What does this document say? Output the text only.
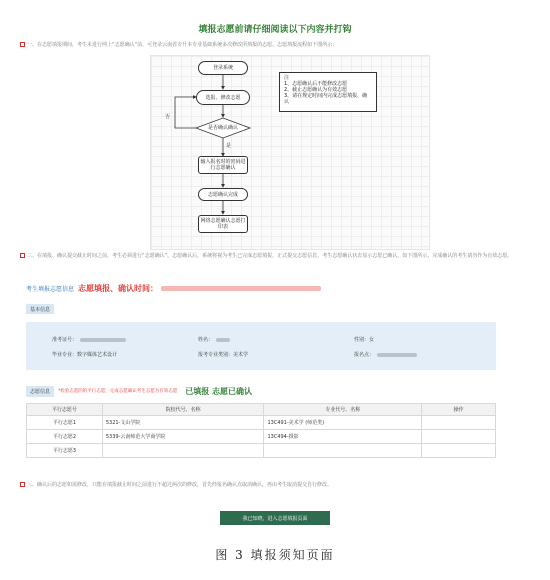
填报志愿前请仔细阅读以下内容并打钩
一、在志愿填报期间，考生未进行网上“志愿确认”前，可登录云南省专升本专业基础系统多次修改所填报的志愿。志愿填报流程如下图所示：
登录系统
选报、修改志愿
是否确认确认
否
是
输入报名时的密码进行志愿确认
志愿确认完成
网络志愿确认志愿打印表
注
1、志愿确认后不能修改志愿
2、截止志愿确认为有效志愿
3、请在规定时间内完成志愿填报、确认
二、在填报、确认提交截止时间之前，考生必须进行“志愿确认”。志愿确认后，系统将视为考生已完成志愿填报，正式提交志愿信息，考生志愿确认状态显示志愿已确认，如下图所示。完成确认的考生请勿作为有效志愿。
考生填报志愿信息 志愿填报、确认时间：
基本信息
准考证号：	姓名：	性别：女
毕业专业：数字媒体艺术设计	报考专业类别：美术学	报名点：
志愿信息	*检验志愿的的平行志愿，完成志愿确认考生志愿为有效志愿 已填报 志愿已确认
平行志愿号	院校代号、名称	专业代号、名称	操作
平行志愿1	5321-文山学院	13C491-美术学 (师范类)	
平行志愿2	5339-云南师范大学商学院	13C494-摄影	
平行志愿3			
三、确认后的志愿如需修改，只能在填报截止时间之前进行不超过两次的修改，首先经报名确认点取消确认，再由考生取消提交自行修改。
我已知晓，进入志愿填报页面
图 3 填报须知页面
